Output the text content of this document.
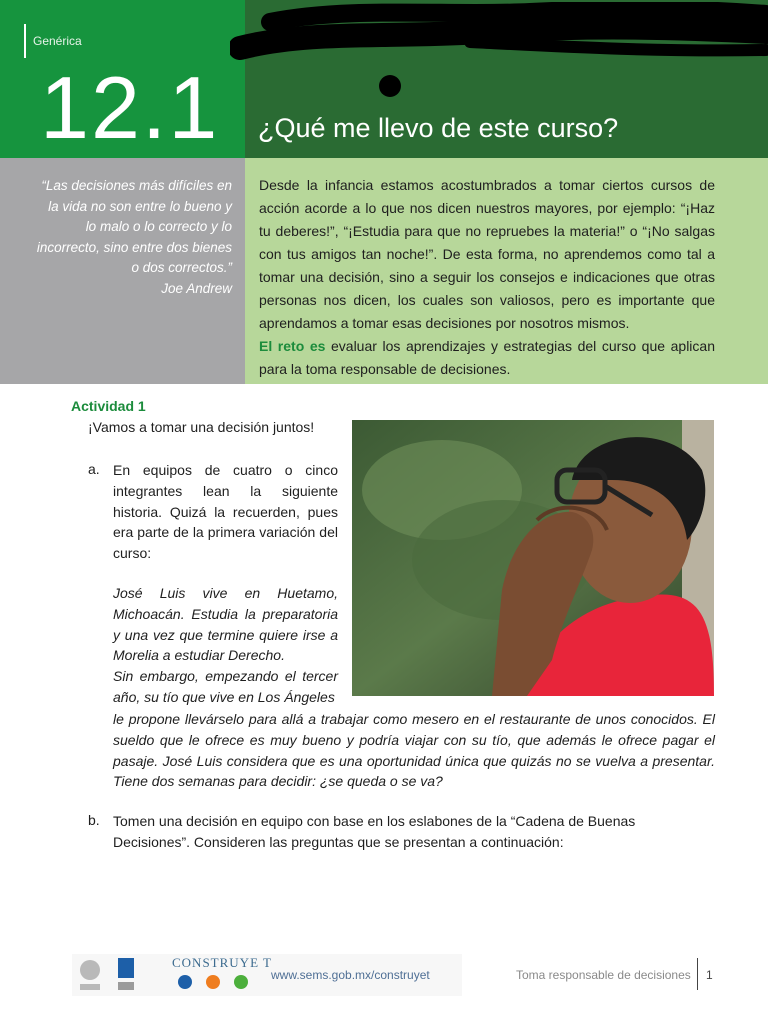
Genérica
12.1 ¿Qué me llevo de este curso?
“Las decisiones más difíciles en la vida no son entre lo bueno y lo malo o lo correcto y lo incorrecto, sino entre dos bienes o dos correctos.”
Joe Andrew
Desde la infancia estamos acostumbrados a tomar ciertos cursos de acción acorde a lo que nos dicen nuestros mayores, por ejemplo: “¡Haz tu deberes!”, “¡Estudia para que no repruebes la materia!” o “¡No salgas con tus amigos tan noche!”. De esta forma, no aprendemos como tal a tomar una decisión, sino a seguir los consejos e indicaciones que otras personas nos dicen, los cuales son valiosos, pero es importante que aprendamos a tomar esas decisiones por nosotros mismos.
El reto es evaluar los aprendizajes y estrategias del curso que aplican para la toma responsable de decisiones.
Actividad 1
¡Vamos a tomar una decisión juntos!
a. En equipos de cuatro o cinco integrantes lean la siguiente historia. Quizá la recuerden, pues era parte de la primera variación del curso:
José Luis vive en Huetamo, Michoacán. Estudia la preparatoria y una vez que termine quiere irse a Morelia a estudiar Derecho.
Sin embargo, empezando el tercer año, su tío que vive en Los Ángeles
le propone llevárselo para allá a trabajar como mesero en el restaurante de unos conocidos. El sueldo que le ofrece es muy bueno y podría viajar con su tío, que además le ofrece pagar el pasaje. José Luis considera que es una oportunidad única que quizás no se vuelva a presentar. Tiene dos semanas para decidir: ¿se queda o se va?
b. Tomen una decisión en equipo con base en los eslabones de la “Cadena de Buenas Decisiones”. Consideren las preguntas que se presentan a continuación:
CONSTRUYE T
www.sems.gob.mx/construyet	Toma responsable de decisiones 1
